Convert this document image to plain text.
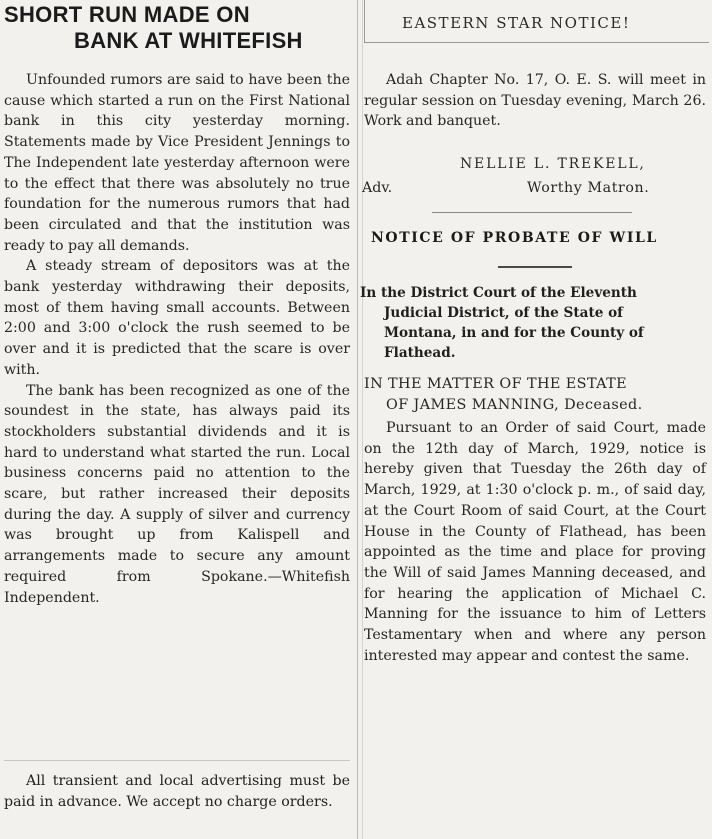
SHORT RUN MADE ON
BANK AT WHITEFISH

Unfounded rumors are said to have been the cause which started a run on the First National bank in this city yesterday morning. Statements made by Vice President Jennings to The Independent late yesterday afternoon were to the effect that there was absolutely no true foundation for the numerous rumors that had been circulated and that the institution was ready to pay all demands.

A steady stream of depositors was at the bank yesterday withdrawing their deposits, most of them having small accounts. Between 2:00 and 3:00 o'clock the rush seemed to be over and it is predicted that the scare is over with.

The bank has been recognized as one of the soundest in the state, has always paid its stockholders substantial dividends and it is hard to understand what started the run. Local business concerns paid no attention to the scare, but rather increased their deposits during the day. A supply of silver and currency was brought up from Kalispell and arrangements made to secure any amount required from Spokane.—Whitefish Independent.

All transient and local advertising must be paid in advance. We accept no charge orders.

EASTERN STAR NOTICE!

Adah Chapter No. 17, O. E. S. will meet in regular session on Tuesday evening, March 26. Work and banquet.

NELLIE L. TREKELL,
Adv.	Worthy Matron.
NOTICE OF PROBATE OF WILL
In the District Court of the Eleventh
Judicial District, of the State of
Montana, in and for the County of
Flathead.
IN THE MATTER OF THE ESTATE
OF JAMES MANNING, Deceased.

Pursuant to an Order of said Court, made on the 12th day of March, 1929, notice is hereby given that Tuesday the 26th day of March, 1929, at 1:30 o'clock p. m., of said day, at the Court Room of said Court, at the Court House in the County of Flathead, has been appointed as the time and place for proving the Will of said James Manning deceased, and for hearing the application of Michael C. Manning for the issuance to him of Letters Testamentary when and where any person interested may appear and contest the same.
